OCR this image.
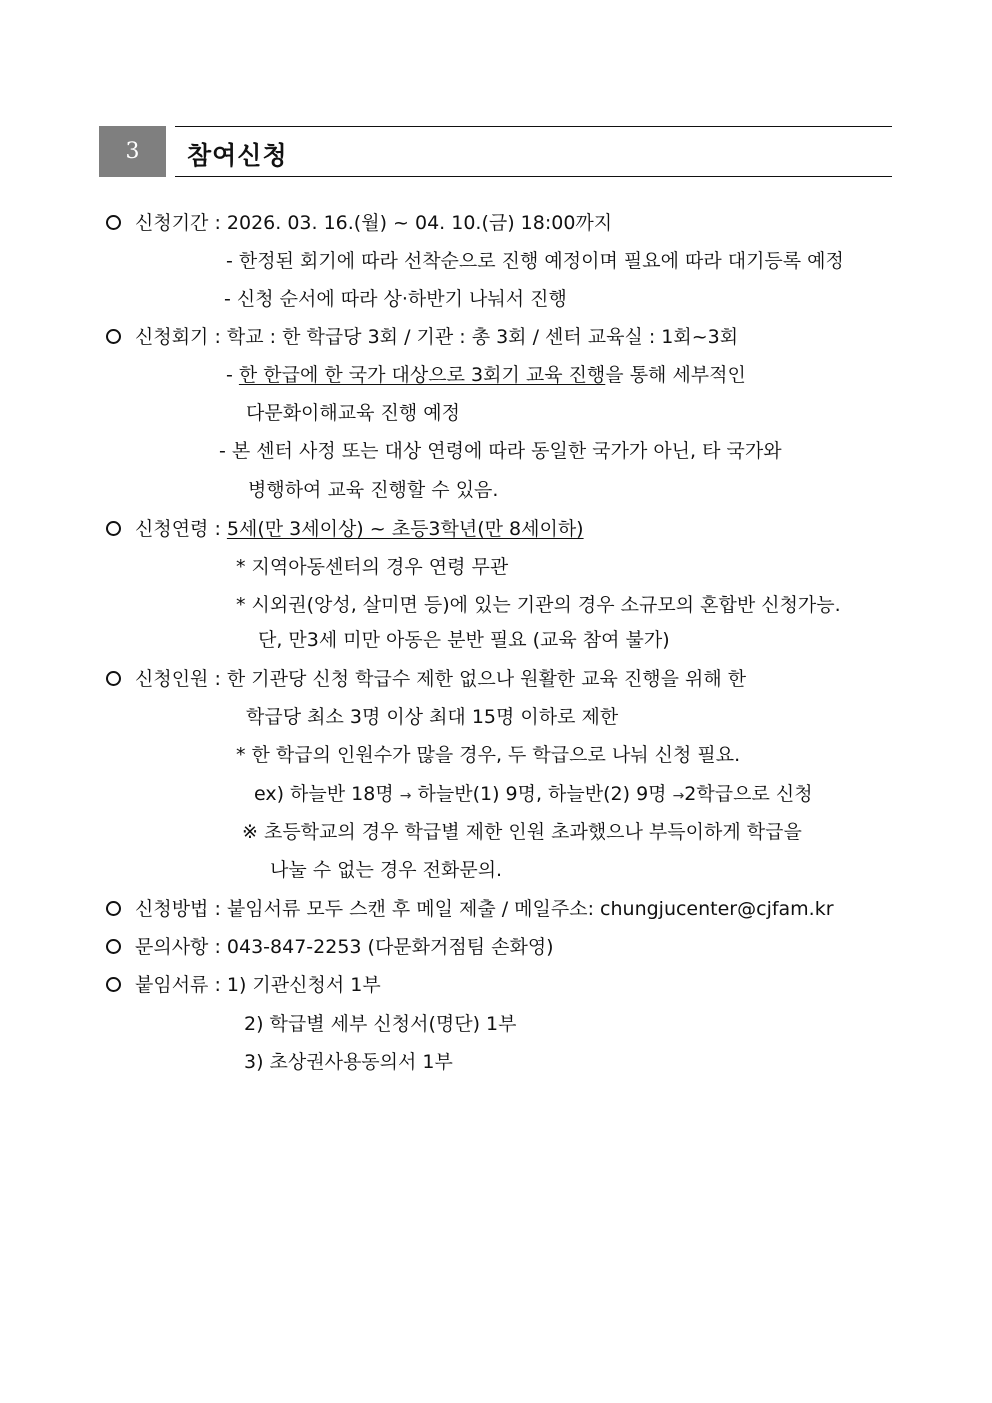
3	참여신청
신청기간 : 2026. 03. 16.(월) ~ 04. 10.(금) 18:00까지
- 한정된 회기에 따라 선착순으로 진행 예정이며 필요에 따라 대기등록 예정
- 신청 순서에 따라 상·하반기 나눠서 진행
신청회기 : 학교 : 한 학급당 3회 / 기관 : 총 3회 / 센터 교육실 : 1회~3회
- 한 한급에 한 국가 대상으로 3회기 교육 진행을 통해 세부적인
다문화이해교육 진행 예정
- 본 센터 사정 또는 대상 연령에 따라 동일한 국가가 아닌, 타 국가와
병행하여 교육 진행할 수 있음.
신청연령 : 5세(만 3세이상) ~ 초등3학년(만 8세이하)
* 지역아동센터의 경우 연령 무관
* 시외권(앙성, 살미면 등)에 있는 기관의 경우 소규모의 혼합반 신청가능.
단, 만3세 미만 아동은 분반 필요 (교육 참여 불가)
신청인원 : 한 기관당 신청 학급수 제한 없으나 원활한 교육 진행을 위해 한
학급당 최소 3명 이상 최대 15명 이하로 제한
* 한 학급의 인원수가 많을 경우, 두 학급으로 나눠 신청 필요.
ex) 하늘반 18명 → 하늘반(1) 9명, 하늘반(2) 9명 →2학급으로 신청
※ 초등학교의 경우 학급별 제한 인원 초과했으나 부득이하게 학급을
나눌 수 없는 경우 전화문의.
신청방법 : 붙임서류 모두 스캔 후 메일 제출 / 메일주소: chungjucenter@cjfam.kr
문의사항 : 043-847-2253 (다문화거점팀 손화영)
붙임서류 : 1) 기관신청서 1부
2) 학급별 세부 신청서(명단) 1부
3) 초상권사용동의서 1부
